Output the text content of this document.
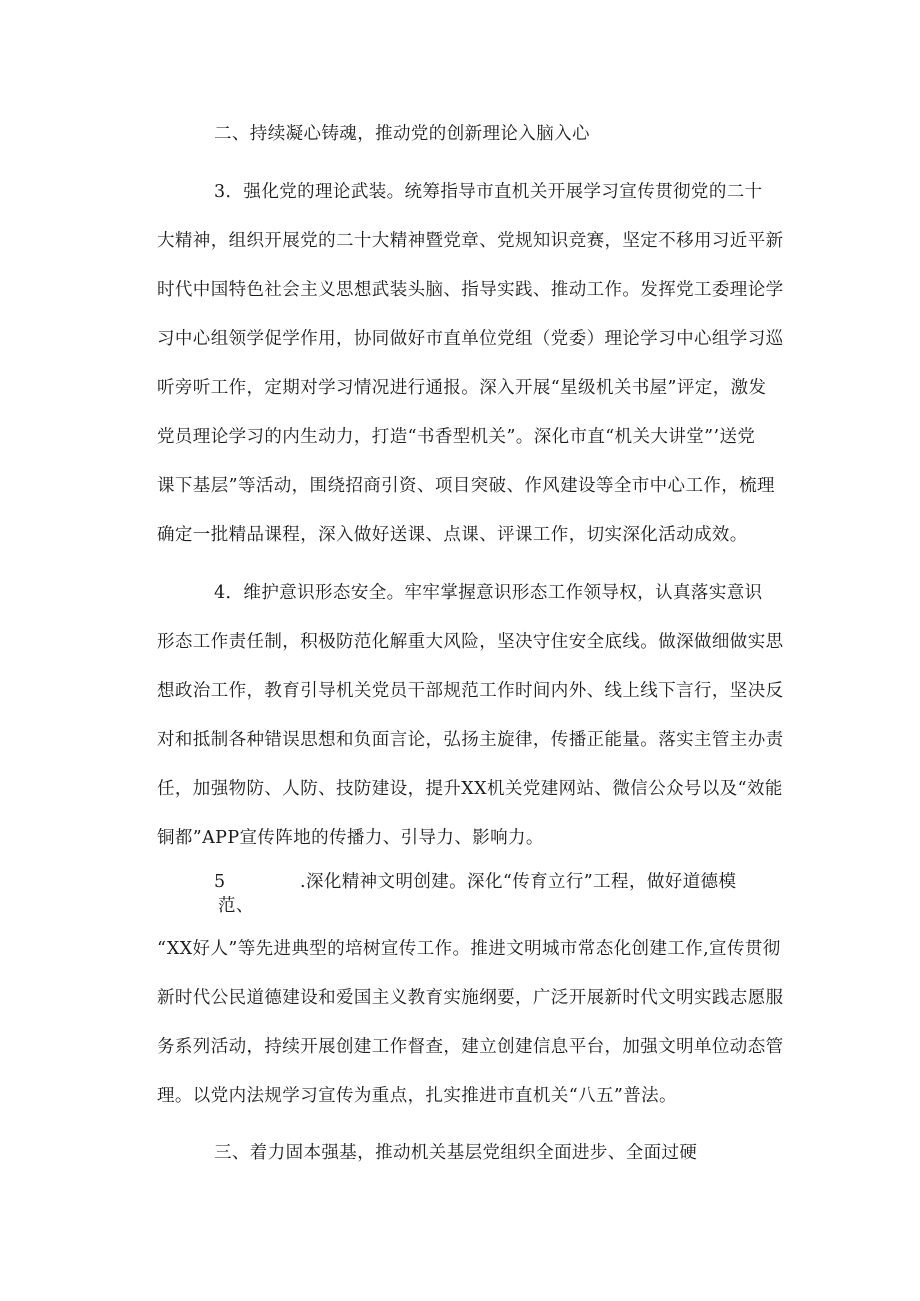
二、持续凝心铸魂，推动党的创新理论入脑入心
3．强化党的理论武装。统筹指导市直机关开展学习宣传贯彻党的二十
大精神，组织开展党的二十大精神暨党章、党规知识竞赛，坚定不移用习近平新
时代中国特色社会主义思想武装头脑、指导实践、推动工作。发挥党工委理论学
习中心组领学促学作用，协同做好市直单位党组（党委）理论学习中心组学习巡
听旁听工作，定期对学习情况进行通报。深入开展“星级机关书屋”评定，激发
党员理论学习的内生动力，打造“书香型机关”。深化市直“机关大讲堂”’送党
课下基层”等活动，围绕招商引资、项目突破、作风建设等全市中心工作，梳理
确定一批精品课程，深入做好送课、点课、评课工作，切实深化活动成效。
4．维护意识形态安全。牢牢掌握意识形态工作领导权，认真落实意识
形态工作责任制，积极防范化解重大风险，坚决守住安全底线。做深做细做实思
想政治工作，教育引导机关党员干部规范工作时间内外、线上线下言行，坚决反
对和抵制各种错误思想和负面言论，弘扬主旋律，传播正能量。落实主管主办责
任，加强物防、人防、技防建设，提升XX机关党建网站、微信公众号以及“效能
铜都”APP宣传阵地的传播力、引导力、影响力。
5	.深化精神文明创建。深化“传育立行”工程，做好道德模
范、
“XX好人”等先进典型的培树宣传工作。推进文明城市常态化创建工作,宣传贯彻
新时代公民道德建设和爱国主义教育实施纲要，广泛开展新时代文明实践志愿服
务系列活动，持续开展创建工作督查，建立创建信息平台，加强文明单位动态管
理。以党内法规学习宣传为重点，扎实推进市直机关“八五”普法。
三、着力固本强基，推动机关基层党组织全面进步、全面过硬
